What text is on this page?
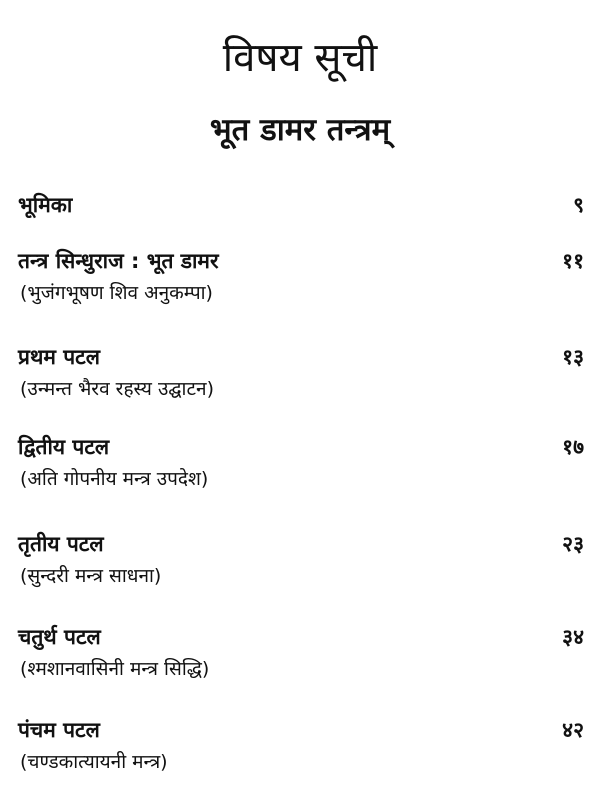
विषय सूची
भूत डामर तन्त्रम्
भूमिका	९
तन्त्र सिन्धुराज : भूत डामर	११
(भुजंगभूषण शिव अनुकम्पा)
प्रथम पटल	१३
(उन्मन्त भैरव रहस्य उद्घाटन)
द्वितीय पटल	१७
(अति गोपनीय मन्त्र उपदेश)
तृतीय पटल	२३
(सुन्दरी मन्त्र साधना)
चतुर्थ पटल	३४
(श्मशानवासिनी मन्त्र सिद्धि)
पंचम पटल	४२
(चण्डकात्यायनी मन्त्र)
